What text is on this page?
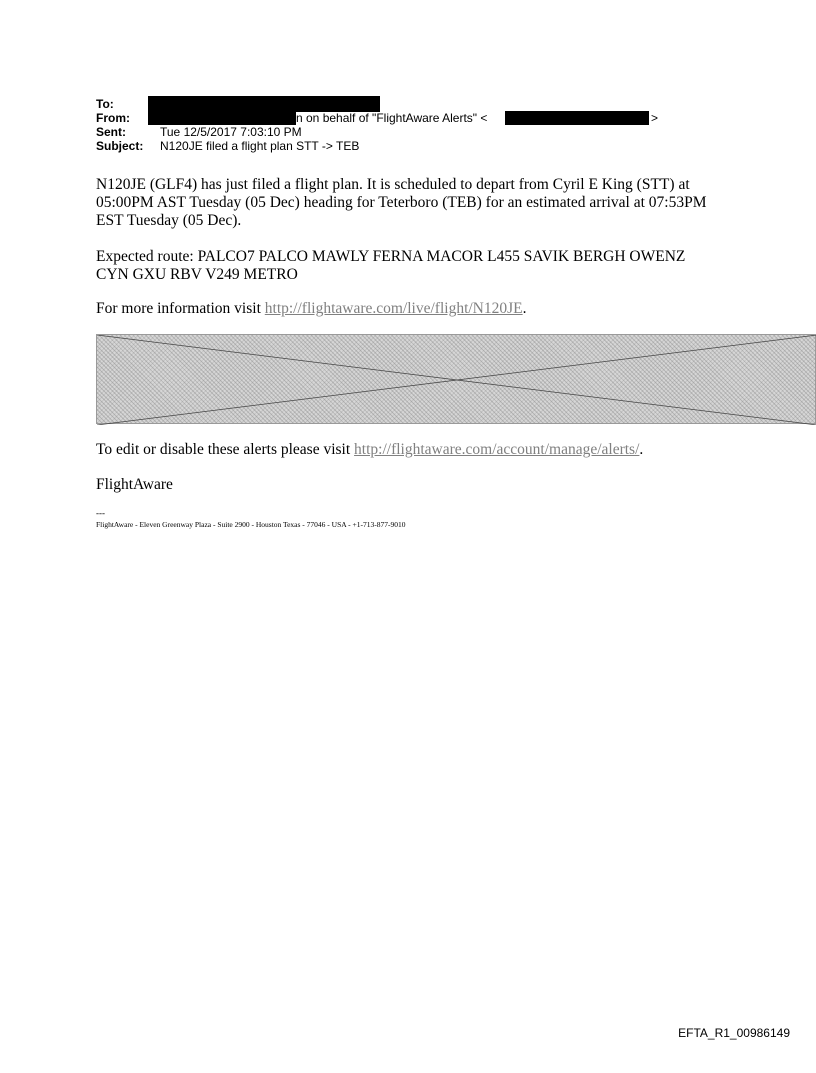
To:
From:	n on behalf of "FlightAware Alerts" <	>
Sent:	Tue 12/5/2017 7:03:10 PM
Subject: N120JE filed a flight plan STT -> TEB
N120JE (GLF4) has just filed a flight plan. It is scheduled to depart from Cyril E King (STT) at 05:00PM AST Tuesday (05 Dec) heading for Teterboro (TEB) for an estimated arrival at 07:53PM EST Tuesday (05 Dec).
Expected route: PALCO7 PALCO MAWLY FERNA MACOR L455 SAVIK BERGH OWENZ CYN GXU RBV V249 METRO
For more information visit http://flightaware.com/live/flight/N120JE.
To edit or disable these alerts please visit http://flightaware.com/account/manage/alerts/.
FlightAware
---
FlightAware - Eleven Greenway Plaza - Suite 2900 - Houston Texas - 77046 - USA - +1-713-877-9010
EFTA_R1_00986149
